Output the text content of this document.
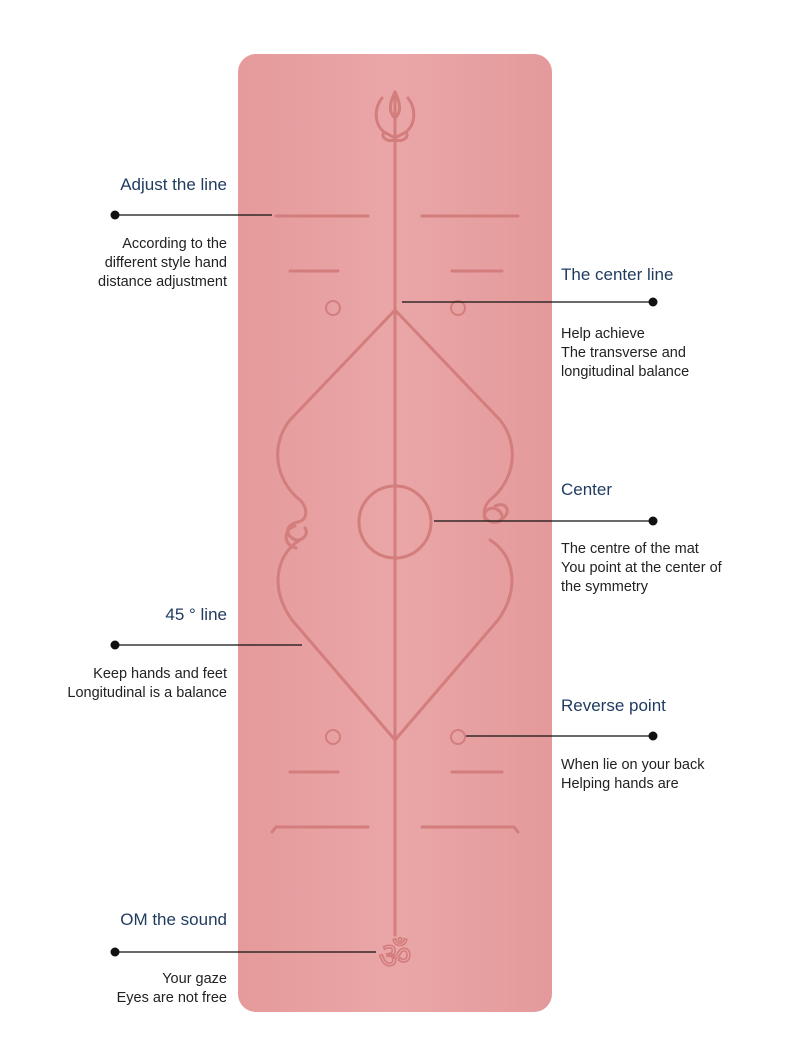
ॐ
Adjust the line
According to the
different style hand
distance adjustment	The center line
Help achieve
The transverse and
longitudinal balance
Center
The centre of the mat
You point at the center of
the symmetry
45 ° line
Keep hands and feet
Longitudinal is a balance
Reverse point
When lie on your back
Helping hands are
OM the sound
Your gaze
Eyes are not free
